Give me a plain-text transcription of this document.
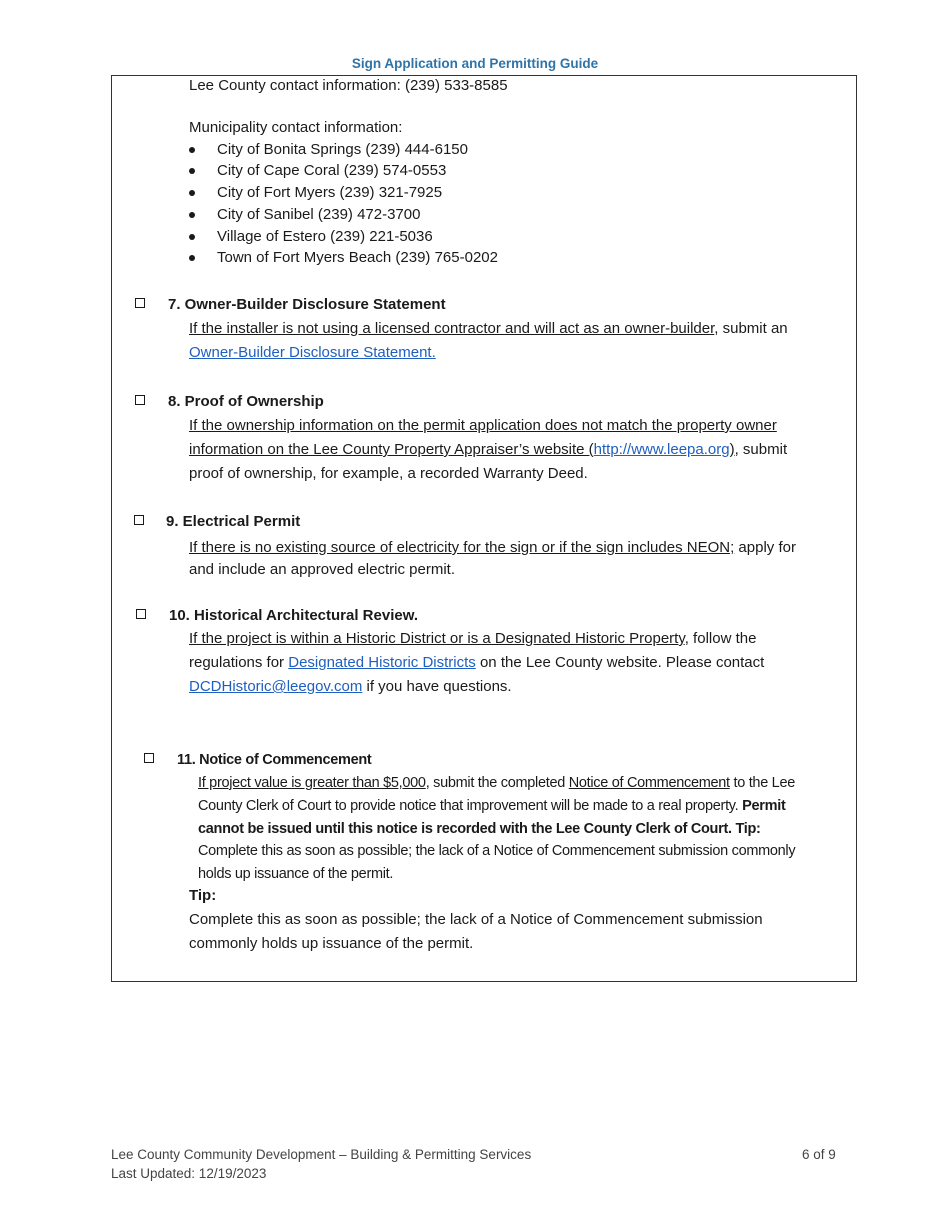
Sign Application and Permitting Guide
Lee County contact information: (239) 533-8585
Municipality contact information:
City of Bonita Springs (239) 444-6150
City of Cape Coral (239) 574-0553
City of Fort Myers (239) 321-7925
City of Sanibel (239) 472-3700
Village of Estero (239) 221-5036
Town of Fort Myers Beach (239) 765-0202
7. Owner-Builder Disclosure Statement
If the installer is not using a licensed contractor and will act as an owner-builder, submit an
Owner-Builder Disclosure Statement.
8. Proof of Ownership
If the ownership information on the permit application does not match the property owner
information on the Lee County Property Appraiser’s website (http://www.leepa.org), submit
proof of ownership, for example, a recorded Warranty Deed.
9. Electrical Permit
If there is no existing source of electricity for the sign or if the sign includes NEON; apply for
and include an approved electric permit.
10. Historical Architectural Review.
If the project is within a Historic District or is a Designated Historic Property, follow the
regulations for Designated Historic Districts on the Lee County website. Please contact
DCDHistoric@leegov.com if you have questions.
11. Notice of Commencement
If project value is greater than $5,000, submit the completed Notice of Commencement to the Lee
County Clerk of Court to provide notice that improvement will be made to a real property. Permit
cannot be issued until this notice is recorded with the Lee County Clerk of Court. Tip:
Complete this as soon as possible; the lack of a Notice of Commencement submission commonly
holds up issuance of the permit.
Tip:
Complete this as soon as possible; the lack of a Notice of Commencement submission
commonly holds up issuance of the permit.
Lee County Community Development – Building & Permitting Services
Last Updated: 12/19/2023
6 of 9
